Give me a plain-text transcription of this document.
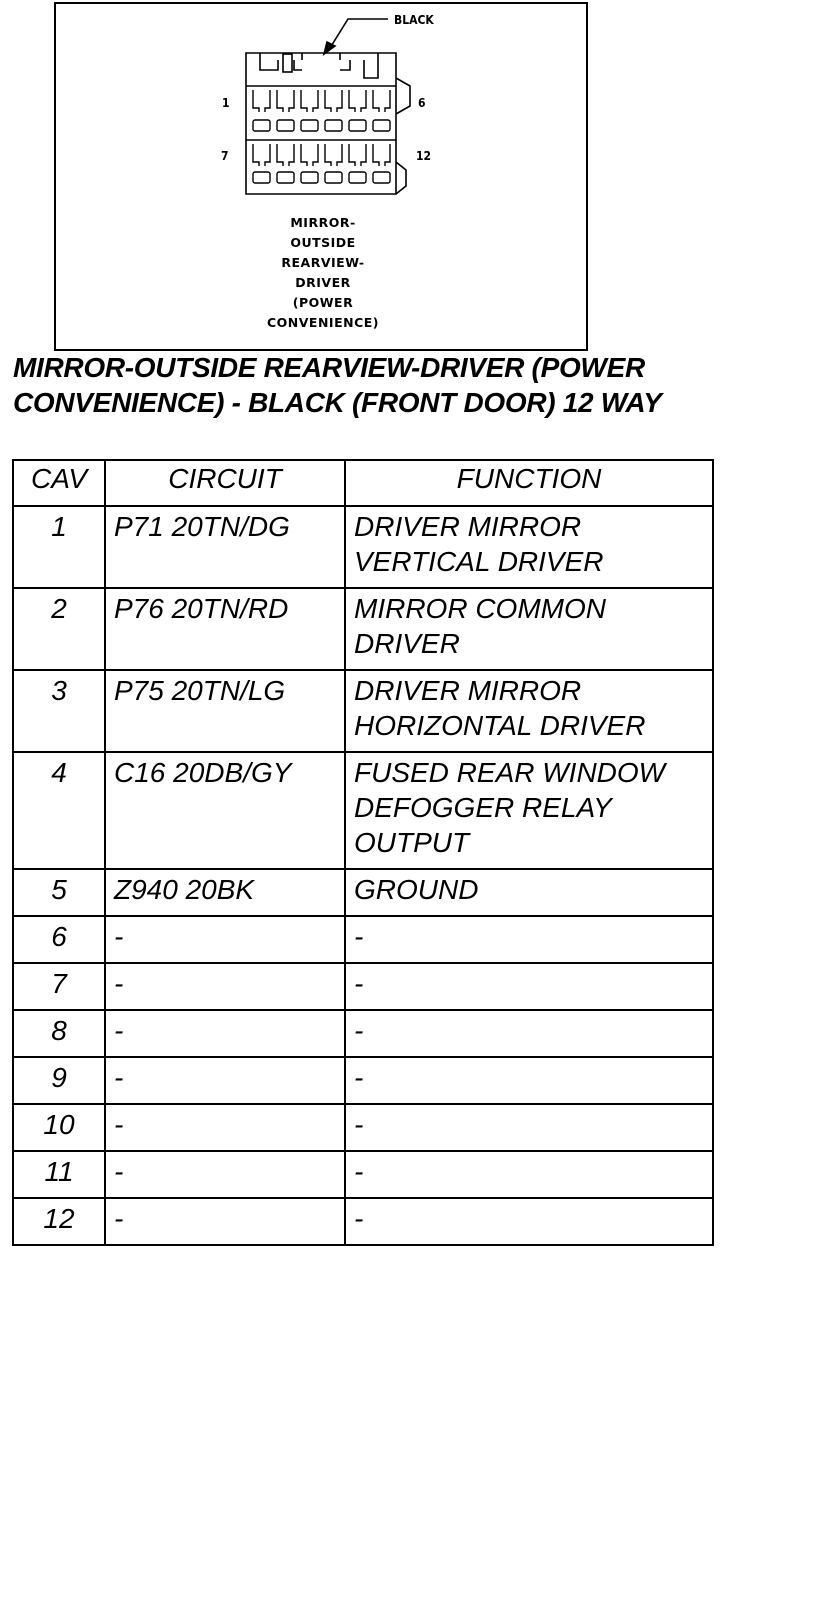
BLACK
1	6
7	12

MIRROR-
OUTSIDE
REARVIEW-
DRIVER
(POWER
CONVENIENCE)

MIRROR-OUTSIDE REARVIEW-DRIVER (POWER CONVENIENCE) - BLACK (FRONT DOOR) 12 WAY
CAV	CIRCUIT	FUNCTION
1	P71 20TN/DG	DRIVER MIRROR VERTICAL DRIVER
2	P76 20TN/RD	MIRROR COMMON DRIVER
3	P75 20TN/LG	DRIVER MIRROR HORIZONTAL DRIVER
4	C16 20DB/GY	FUSED REAR WINDOW DEFOGGER RELAY OUTPUT
5	Z940 20BK	GROUND
6	-	-
7	-	-
8	-	-
9	-	-
10	-	-
11	-	-
12	-	-
